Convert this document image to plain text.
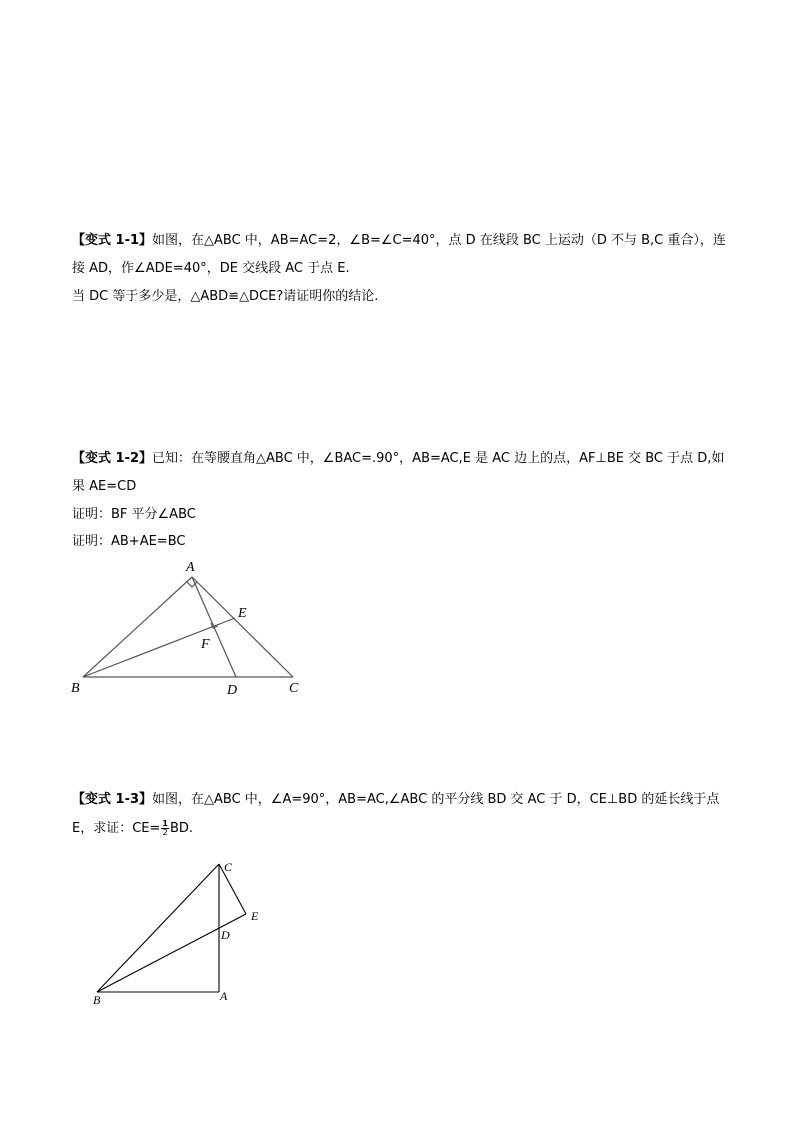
【变式 1-1】如图，在△ABC 中，AB=AC=2，∠B=∠C=40°，点 D 在线段 BC 上运动（D 不与 B,C 重合），连
接 AD，作∠ADE=40°，DE 交线段 AC 于点 E.
当 DC 等于多少是，△ABD≌△DCE?请证明你的结论.
【变式 1-2】已知：在等腰直角△ABC 中，∠BAC=.90°，AB=AC,E 是 AC 边上的点，AF⊥BE 交 BC 于点 D,如
果 AE=CD
证明：BF 平分∠ABC
证明：AB+AE=BC
A
E
F
B	D	C
【变式 1-3】如图，在△ABC 中，∠A=90°，AB=AC,∠ABC 的平分线 BD 交 AC 于 D，CE⊥BD 的延长线于点
E，求证：$CE= \frac{1}{2}$ BD.
C
E
D
B	A
